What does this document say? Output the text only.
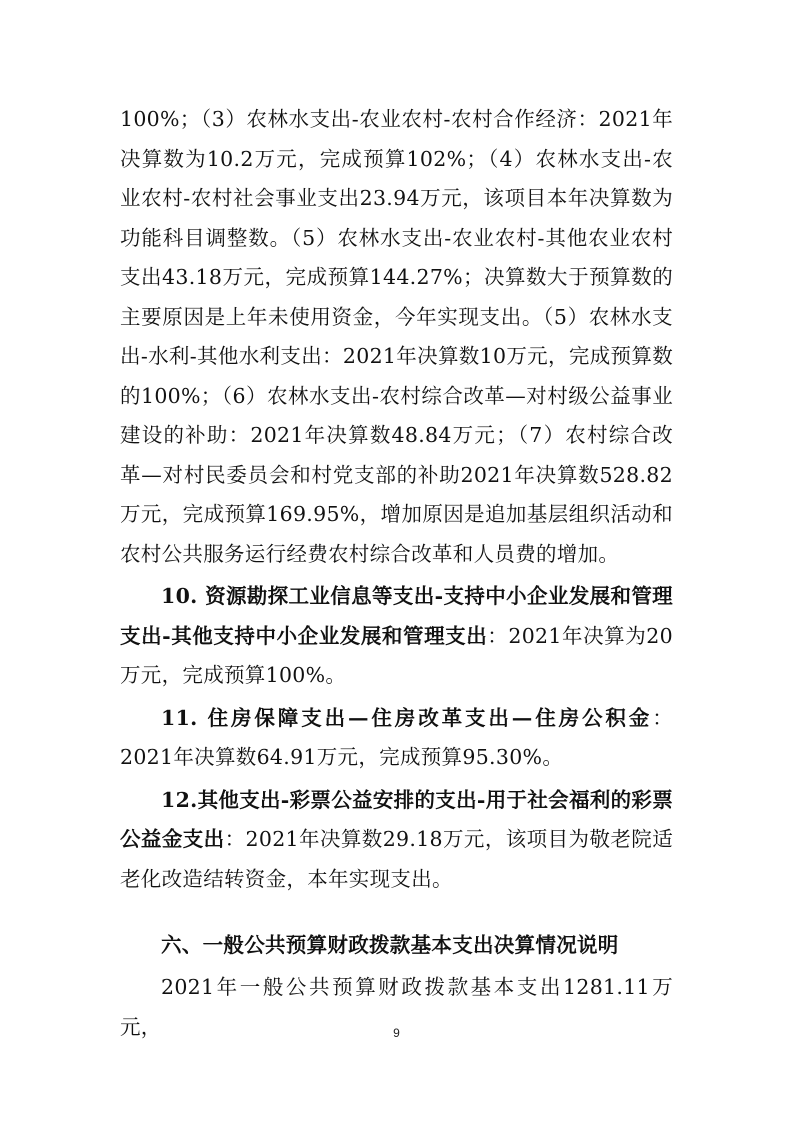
100%；（3）农林水支出-农业农村-农村合作经济：2021年决算数为10.2万元，完成预算102%；（4）农林水支出-农业农村-农村社会事业支出23.94万元，该项目本年决算数为功能科目调整数。（5）农林水支出-农业农村-其他农业农村支出43.18万元，完成预算144.27%；决算数大于预算数的主要原因是上年未使用资金，今年实现支出。（5）农林水支出-水利-其他水利支出：2021年决算数10万元，完成预算数的100%；（6）农林水支出-农村综合改革—对村级公益事业建设的补助：2021年决算数48.84万元；（7）农村综合改革—对村民委员会和村党支部的补助2021年决算数528.82万元，完成预算169.95%，增加原因是追加基层组织活动和农村公共服务运行经费农村综合改革和人员费的增加。

10. 资源勘探工业信息等支出-支持中小企业发展和管理支出-其他支持中小企业发展和管理支出：2021年决算为20万元，完成预算100%。

11. 住房保障支出—住房改革支出—住房公积金：2021年决算数64.91万元，完成预算95.30%。

12.其他支出-彩票公益安排的支出-用于社会福利的彩票公益金支出：2021年决算数29.18万元，该项目为敬老院适老化改造结转资金，本年实现支出。

六、一般公共预算财政拨款基本支出决算情况说明

2021年一般公共预算财政拨款基本支出1281.11万元，	9
